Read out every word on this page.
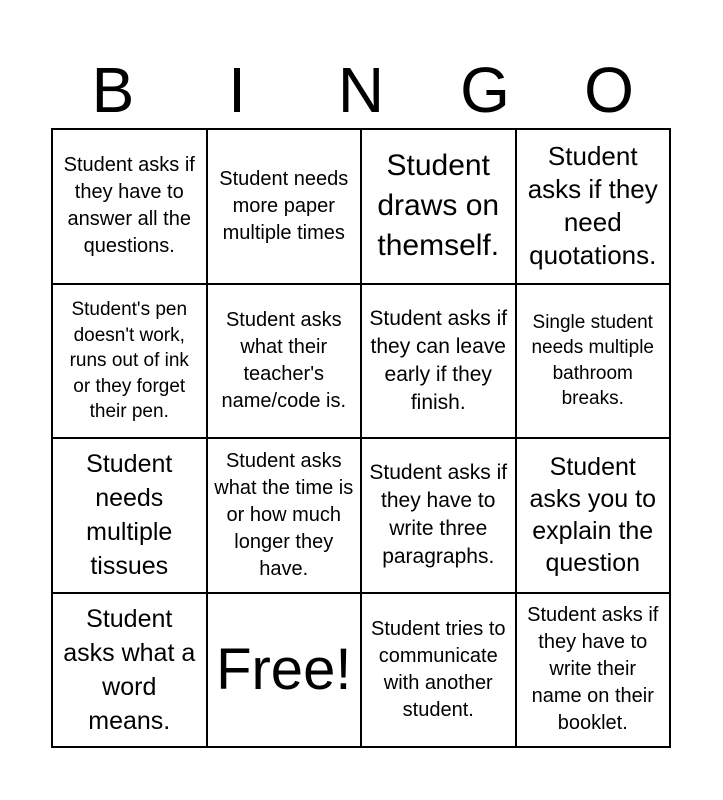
B	I	N	G	O
Student asks if they have to answer all the questions.
Student needs more paper multiple times
Student draws on themself.
Student asks if they need quotations.
Student's pen doesn't work, runs out of ink or they forget their pen.
Student asks what their teacher's name/code is.
Student asks if they can leave early if they finish.
Single student needs multiple bathroom breaks.
Student needs multiple tissues
Student asks what the time is or how much longer they have.
Student asks if they have to write three paragraphs.
Student asks you to explain the question
Student asks what a word means.
Free!
Student tries to communicate with another student.
Student asks if they have to write their name on their booklet.
